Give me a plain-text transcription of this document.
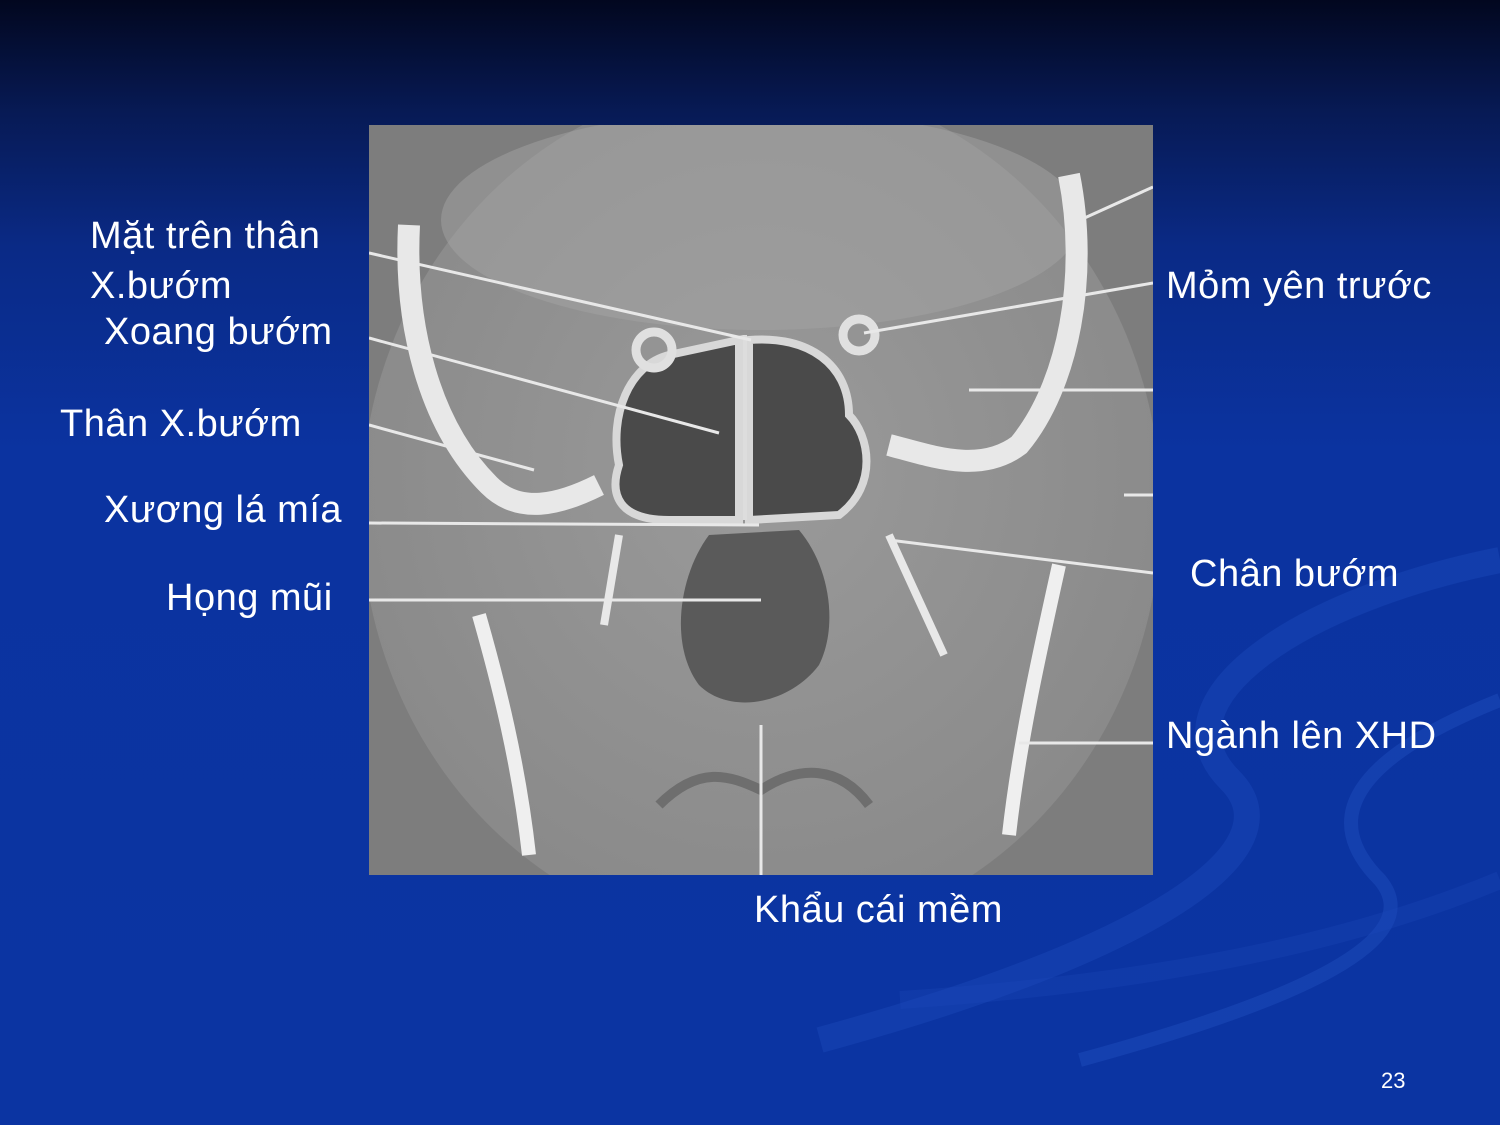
Mặt trên thân
X.bướm
Xoang bướm
Thân X.bướm
Xương lá mía
Họng mũi
Mỏm yên trước
Chân bướm
Ngành lên XHD
Khẩu cái mềm
23
